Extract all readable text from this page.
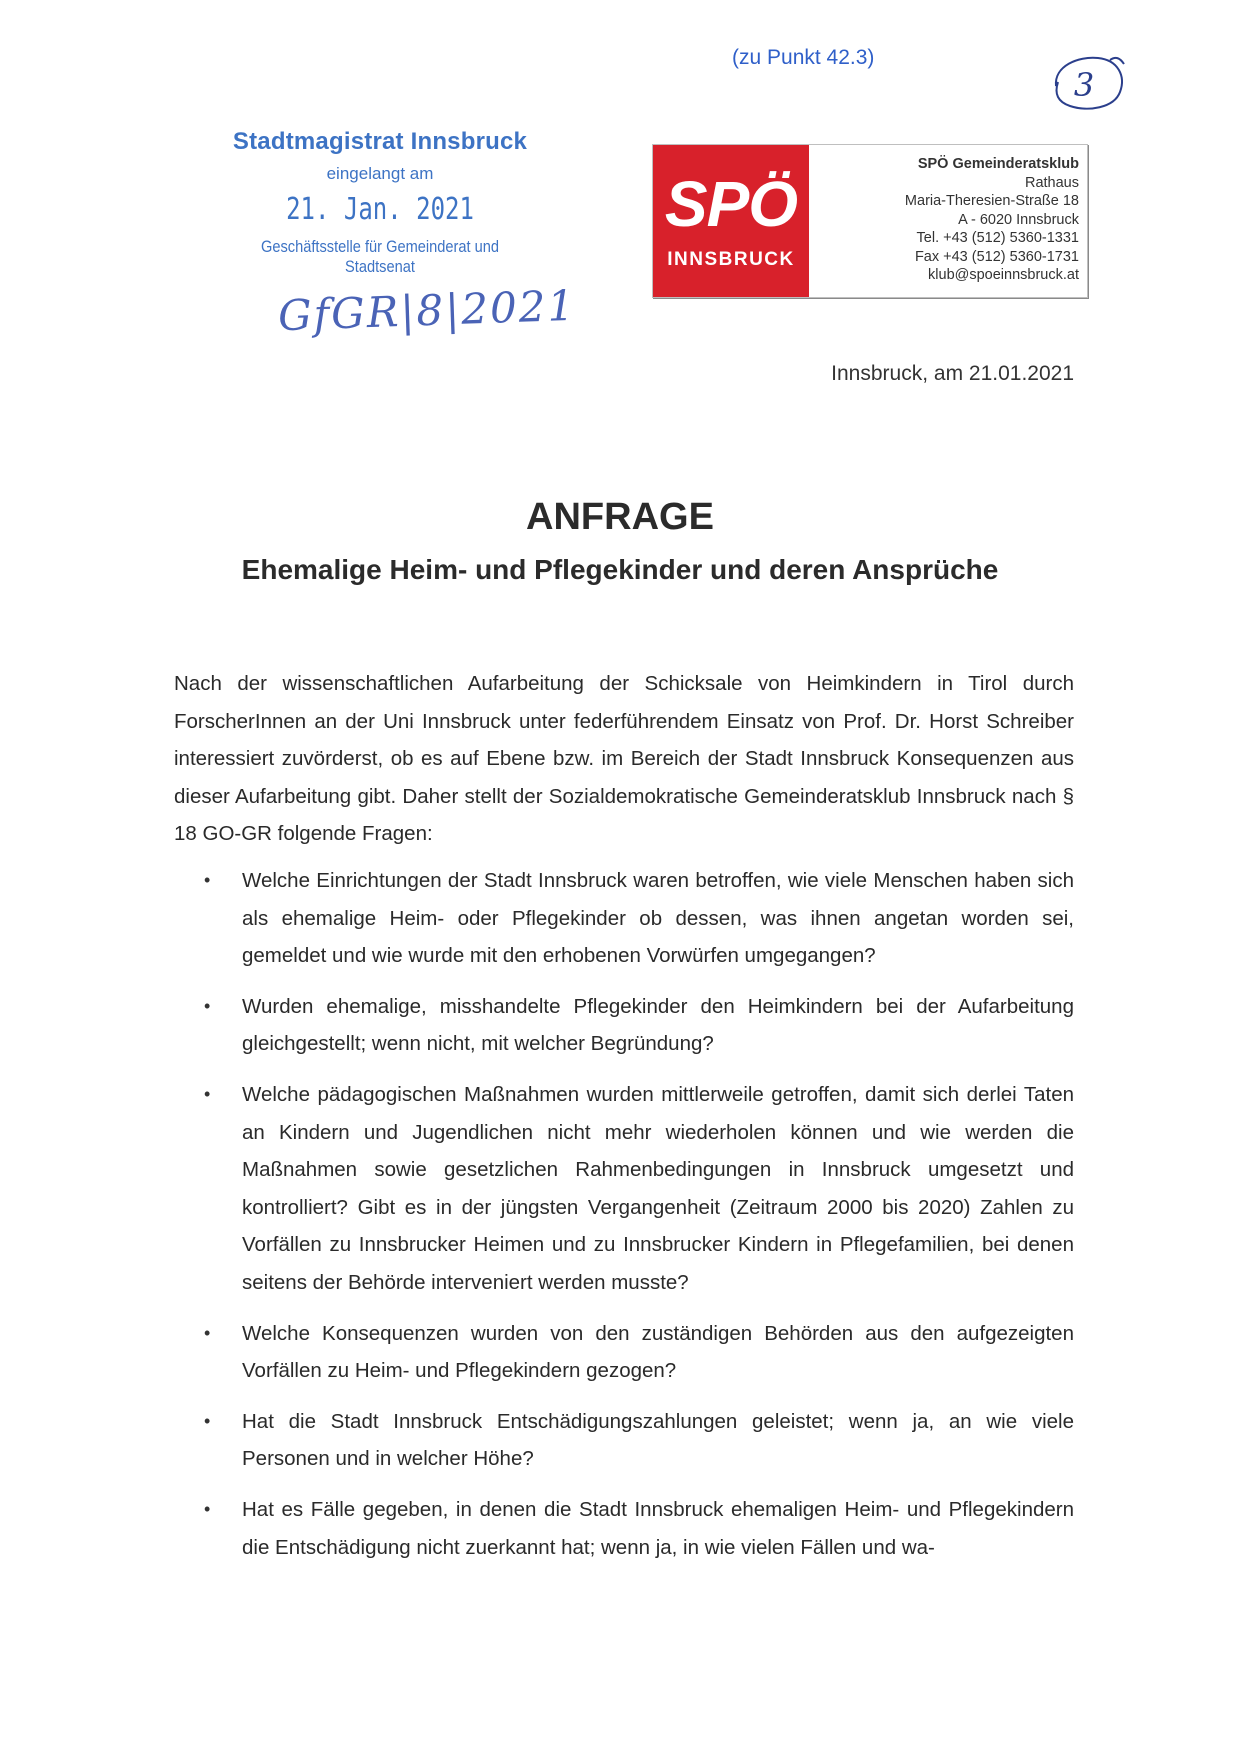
(zu Punkt 42.3)
3
Stadtmagistrat Innsbruck
eingelangt am
21. Jan. 2021
Geschäftsstelle für Gemeinderat und Stadtsenat
GfGR|8|2021
SPÖ
INNSBRUCK
SPÖ Gemeinderatsklub
Rathaus
Maria-Theresien-Straße 18
A - 6020 Innsbruck
Tel. +43 (512) 5360-1331
Fax +43 (512) 5360-1731
klub@spoeinnsbruck.at
Innsbruck, am 21.01.2021
ANFRAGE
Ehemalige Heim- und Pflegekinder und deren Ansprüche

Nach der wissenschaftlichen Aufarbeitung der Schicksale von Heimkindern in Tirol durch ForscherInnen an der Uni Innsbruck unter federführendem Einsatz von Prof. Dr. Horst Schreiber interessiert zuvörderst, ob es auf Ebene bzw. im Bereich der Stadt Innsbruck Konsequenzen aus dieser Aufarbeitung gibt. Daher stellt der Sozialdemokratische Gemeinderatsklub Innsbruck nach § 18 GO-GR folgende Fragen:

• Welche Einrichtungen der Stadt Innsbruck waren betroffen, wie viele Menschen haben sich als ehemalige Heim- oder Pflegekinder ob dessen, was ihnen angetan worden sei, gemeldet und wie wurde mit den erhobenen Vorwürfen umgegangen?
• Wurden ehemalige, misshandelte Pflegekinder den Heimkindern bei der Aufarbeitung gleichgestellt; wenn nicht, mit welcher Begründung?
• Welche pädagogischen Maßnahmen wurden mittlerweile getroffen, damit sich derlei Taten an Kindern und Jugendlichen nicht mehr wiederholen können und wie werden die Maßnahmen sowie gesetzlichen Rahmenbedingungen in Innsbruck umgesetzt und kontrolliert? Gibt es in der jüngsten Vergangenheit (Zeitraum 2000 bis 2020) Zahlen zu Vorfällen zu Innsbrucker Heimen und zu Innsbrucker Kindern in Pflegefamilien, bei denen seitens der Behörde interveniert werden musste?
• Welche Konsequenzen wurden von den zuständigen Behörden aus den aufgezeigten Vorfällen zu Heim- und Pflegekindern gezogen?
• Hat die Stadt Innsbruck Entschädigungszahlungen geleistet; wenn ja, an wie viele Personen und in welcher Höhe?
• Hat es Fälle gegeben, in denen die Stadt Innsbruck ehemaligen Heim- und Pflegekindern die Entschädigung nicht zuerkannt hat; wenn ja, in wie vielen Fällen und wa-
